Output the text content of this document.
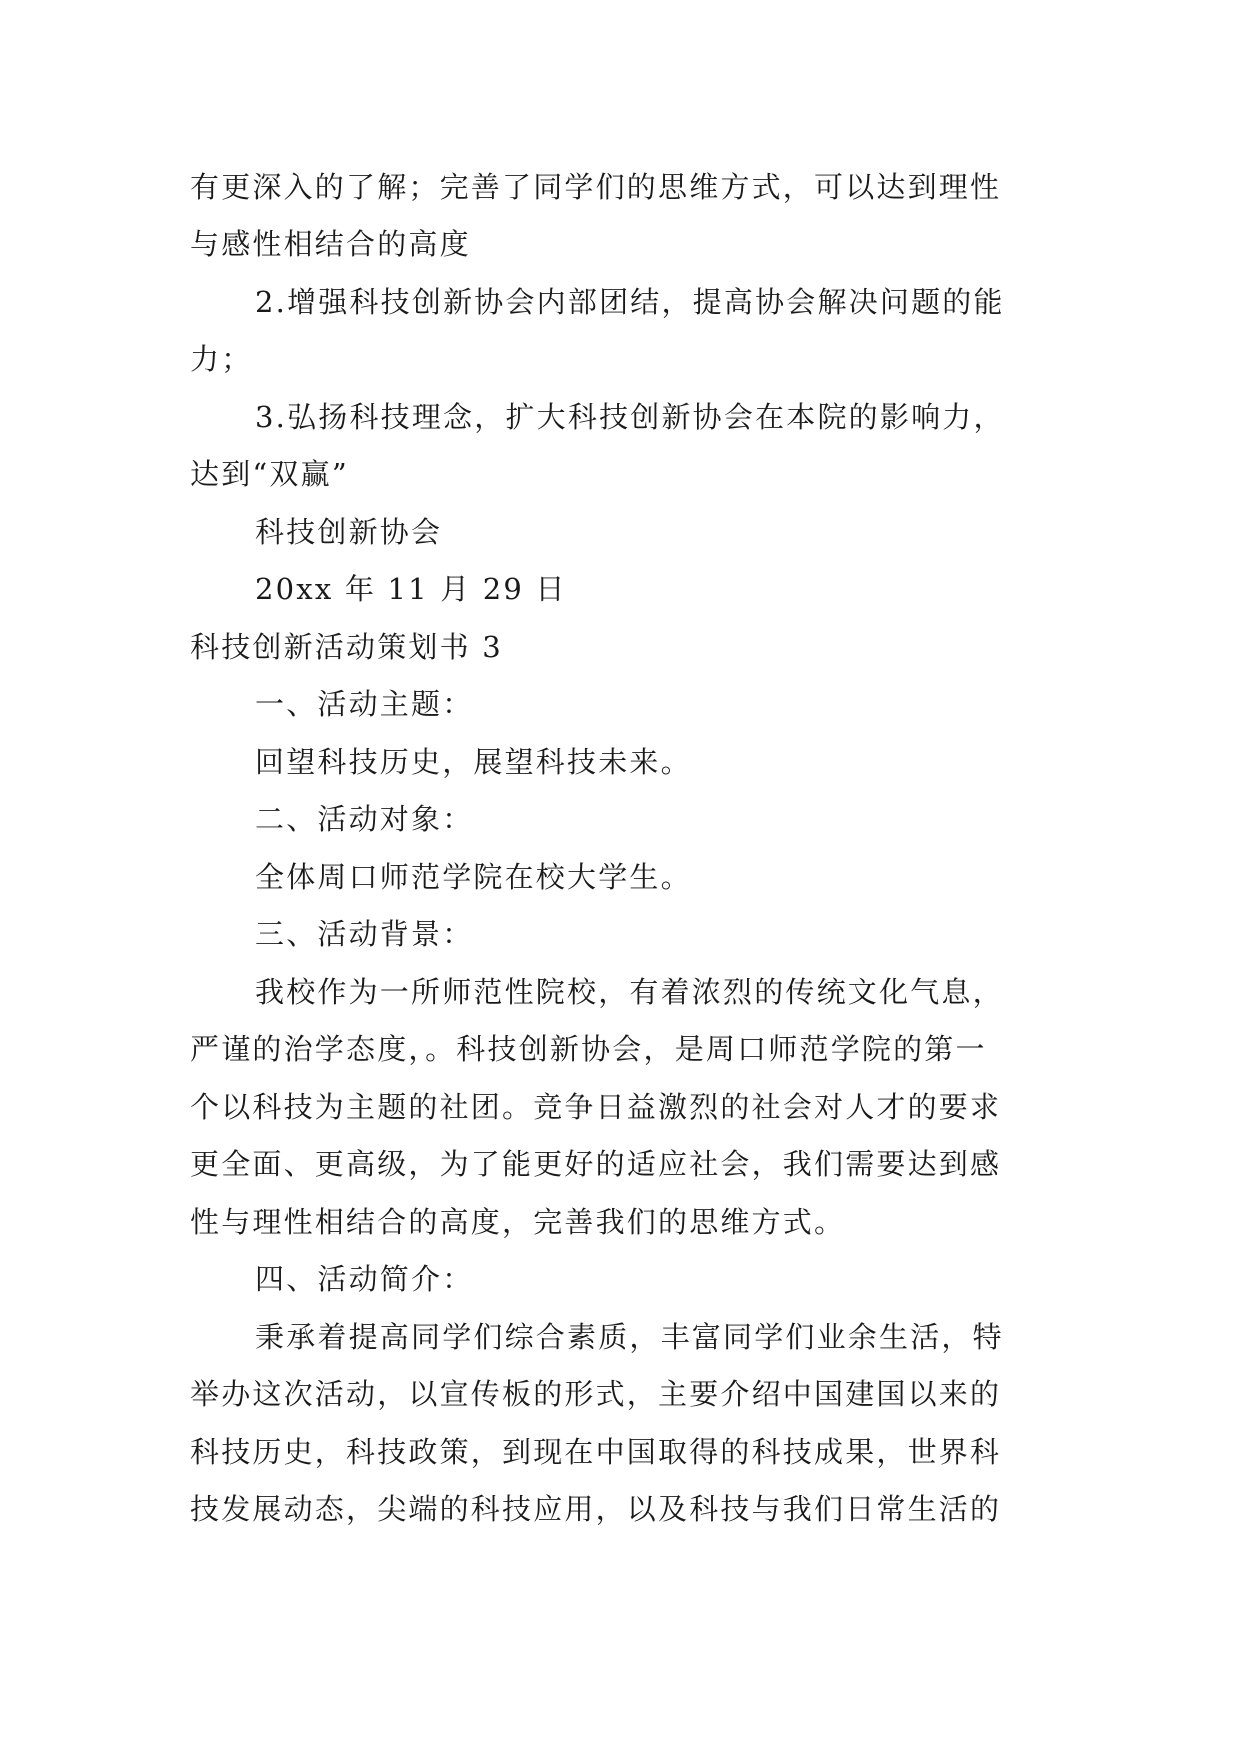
有更深入的了解；完善了同学们的思维方式，可以达到理性
与感性相结合的高度
2.增强科技创新协会内部团结，提高协会解决问题的能
力；
3.弘扬科技理念，扩大科技创新协会在本院的影响力，
达到“双赢”
科技创新协会
20xx 年 11 月 29 日
科技创新活动策划书 3
一、活动主题：
回望科技历史，展望科技未来。
二、活动对象：
全体周口师范学院在校大学生。
三、活动背景：
我校作为一所师范性院校，有着浓烈的传统文化气息，
严谨的治学态度，。科技创新协会，是周口师范学院的第一
个以科技为主题的社团。竞争日益激烈的社会对人才的要求
更全面、更高级，为了能更好的适应社会，我们需要达到感
性与理性相结合的高度，完善我们的思维方式。
四、活动简介：
秉承着提高同学们综合素质，丰富同学们业余生活，特
举办这次活动，以宣传板的形式，主要介绍中国建国以来的
科技历史，科技政策，到现在中国取得的科技成果，世界科
技发展动态，尖端的科技应用，以及科技与我们日常生活的
